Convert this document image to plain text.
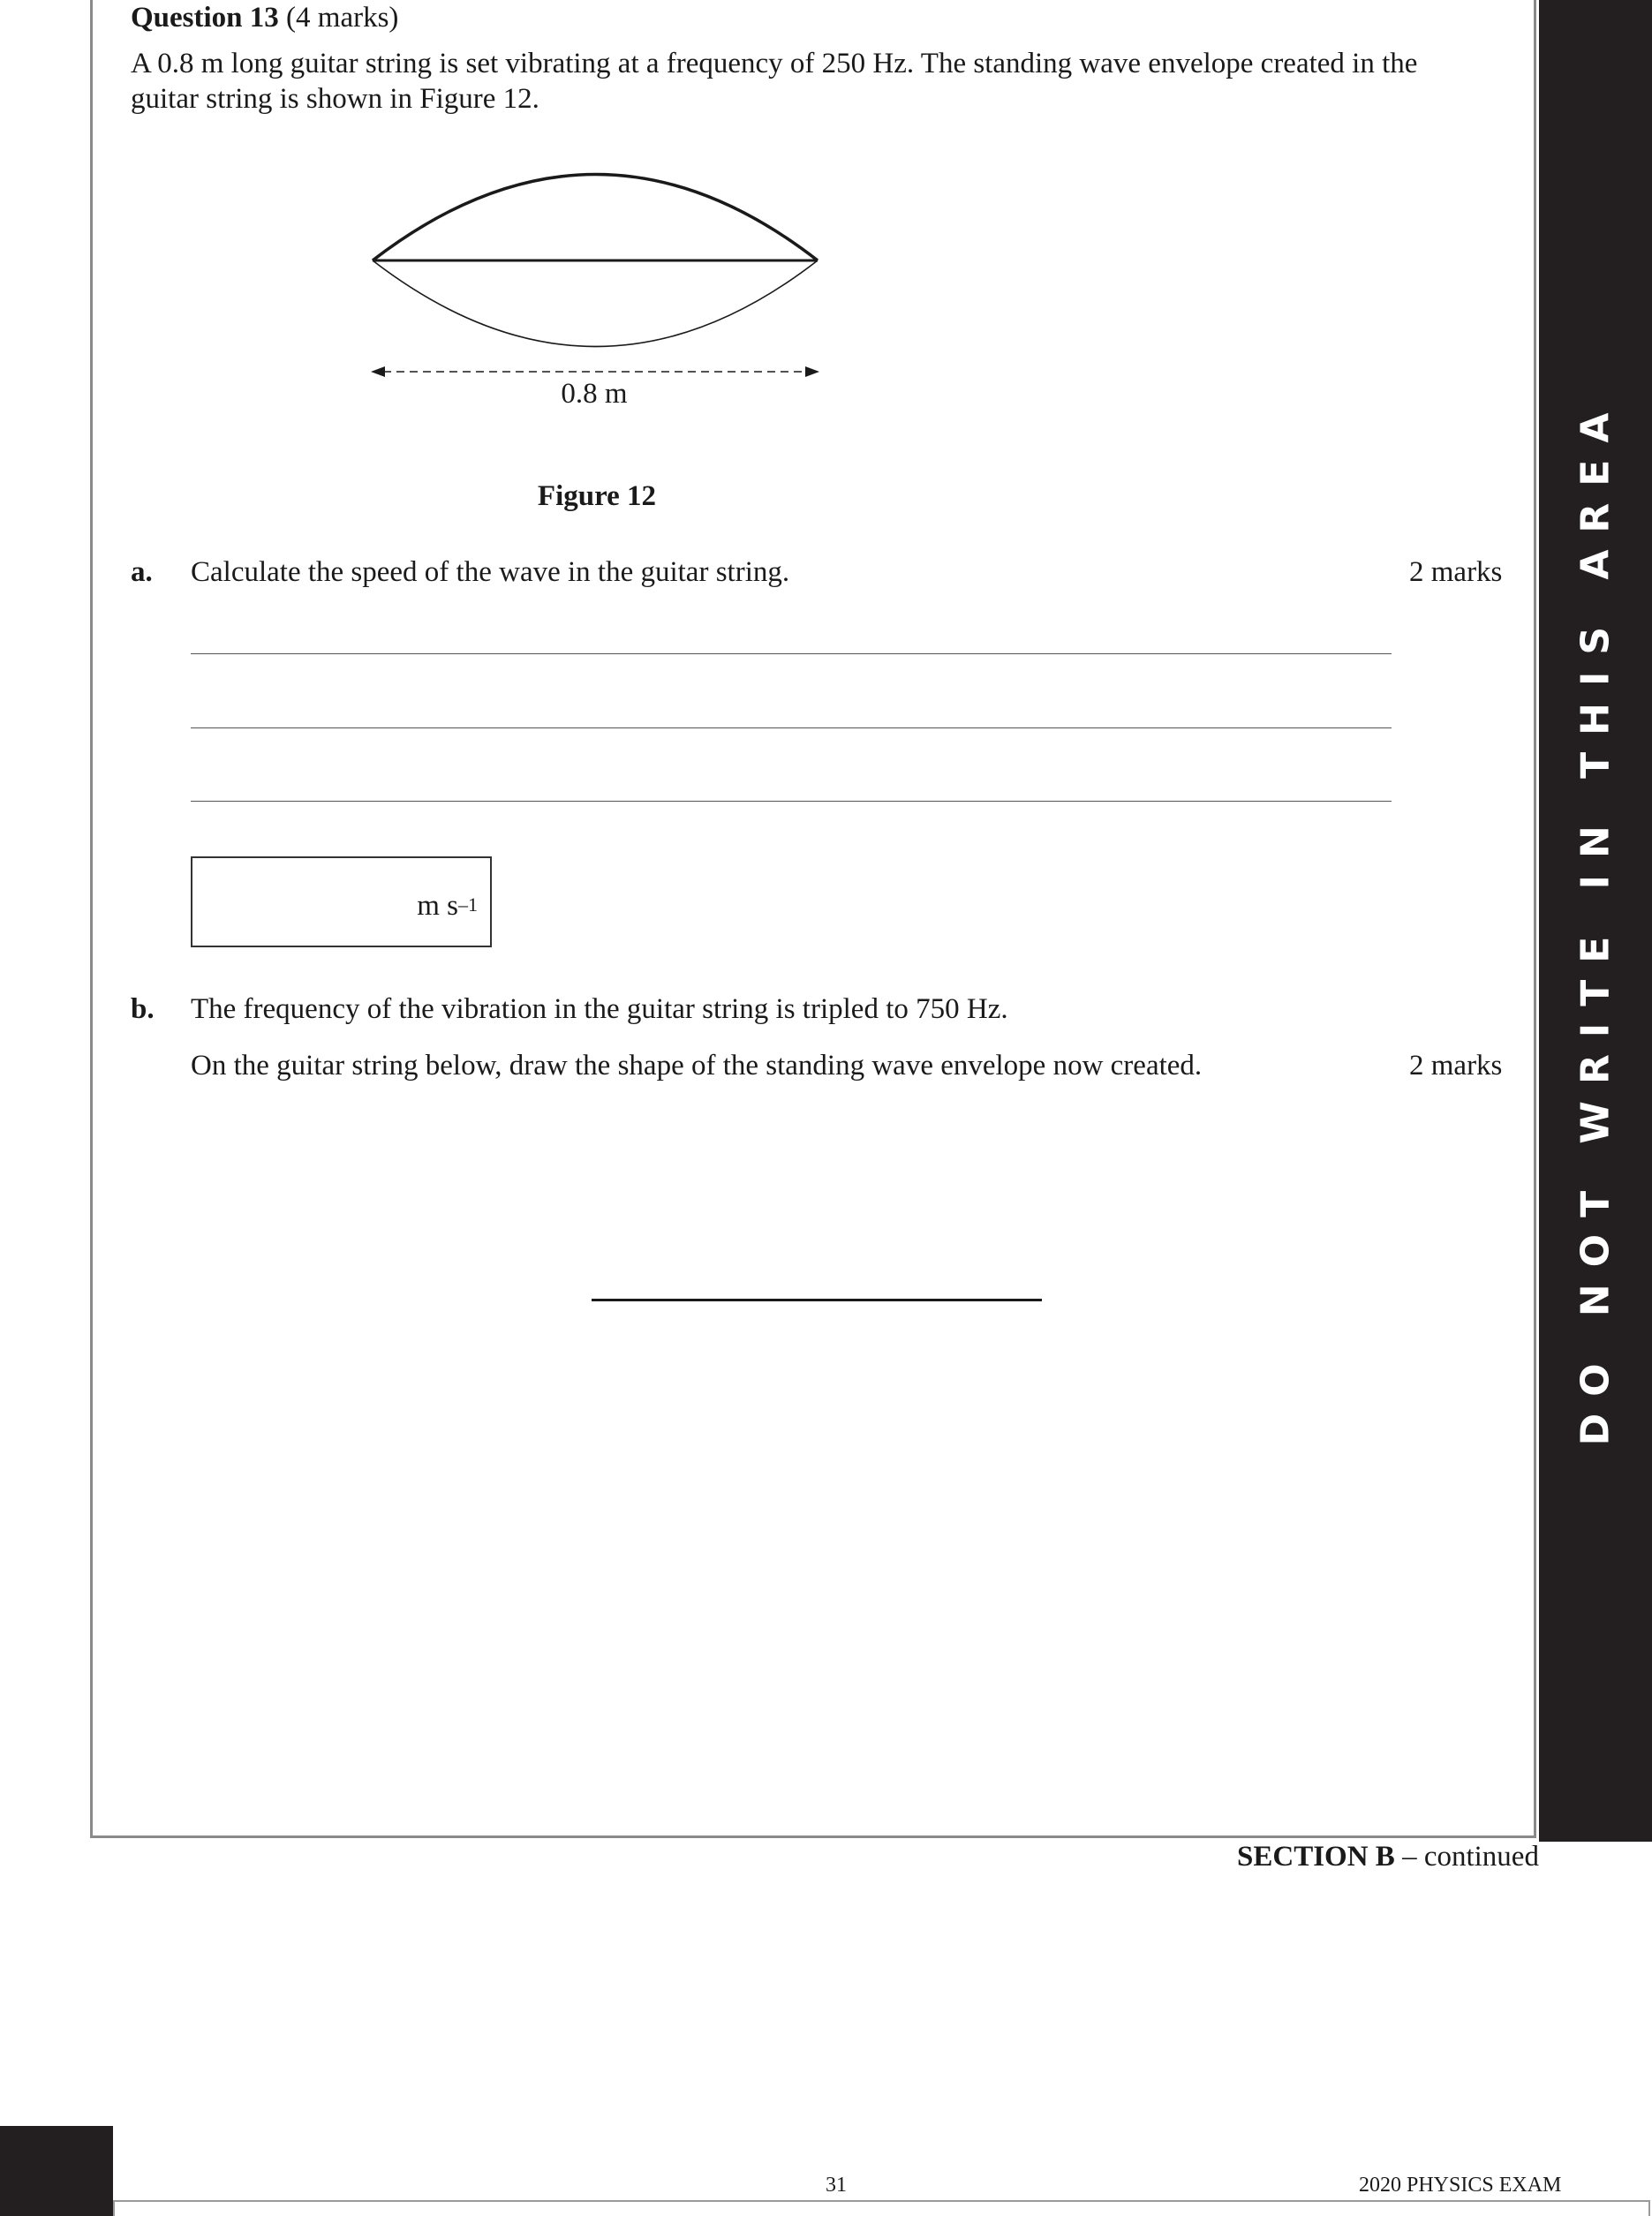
DO NOT WRITE IN THIS AREA
Question 13 (4 marks)
A 0.8 m long guitar string is set vibrating at a frequency of 250 Hz. The standing wave envelope created in the guitar string is shown in Figure 12.
0.8 m
Figure 12
a. Calculate the speed of the wave in the guitar string.	2 marks
m $s^{-1}$
b. The frequency of the vibration in the guitar string is tripled to 750 Hz.
On the guitar string below, draw the shape of the standing wave envelope now created.	2 marks
SECTION B – continued
31	2020 PHYSICS EXAM
